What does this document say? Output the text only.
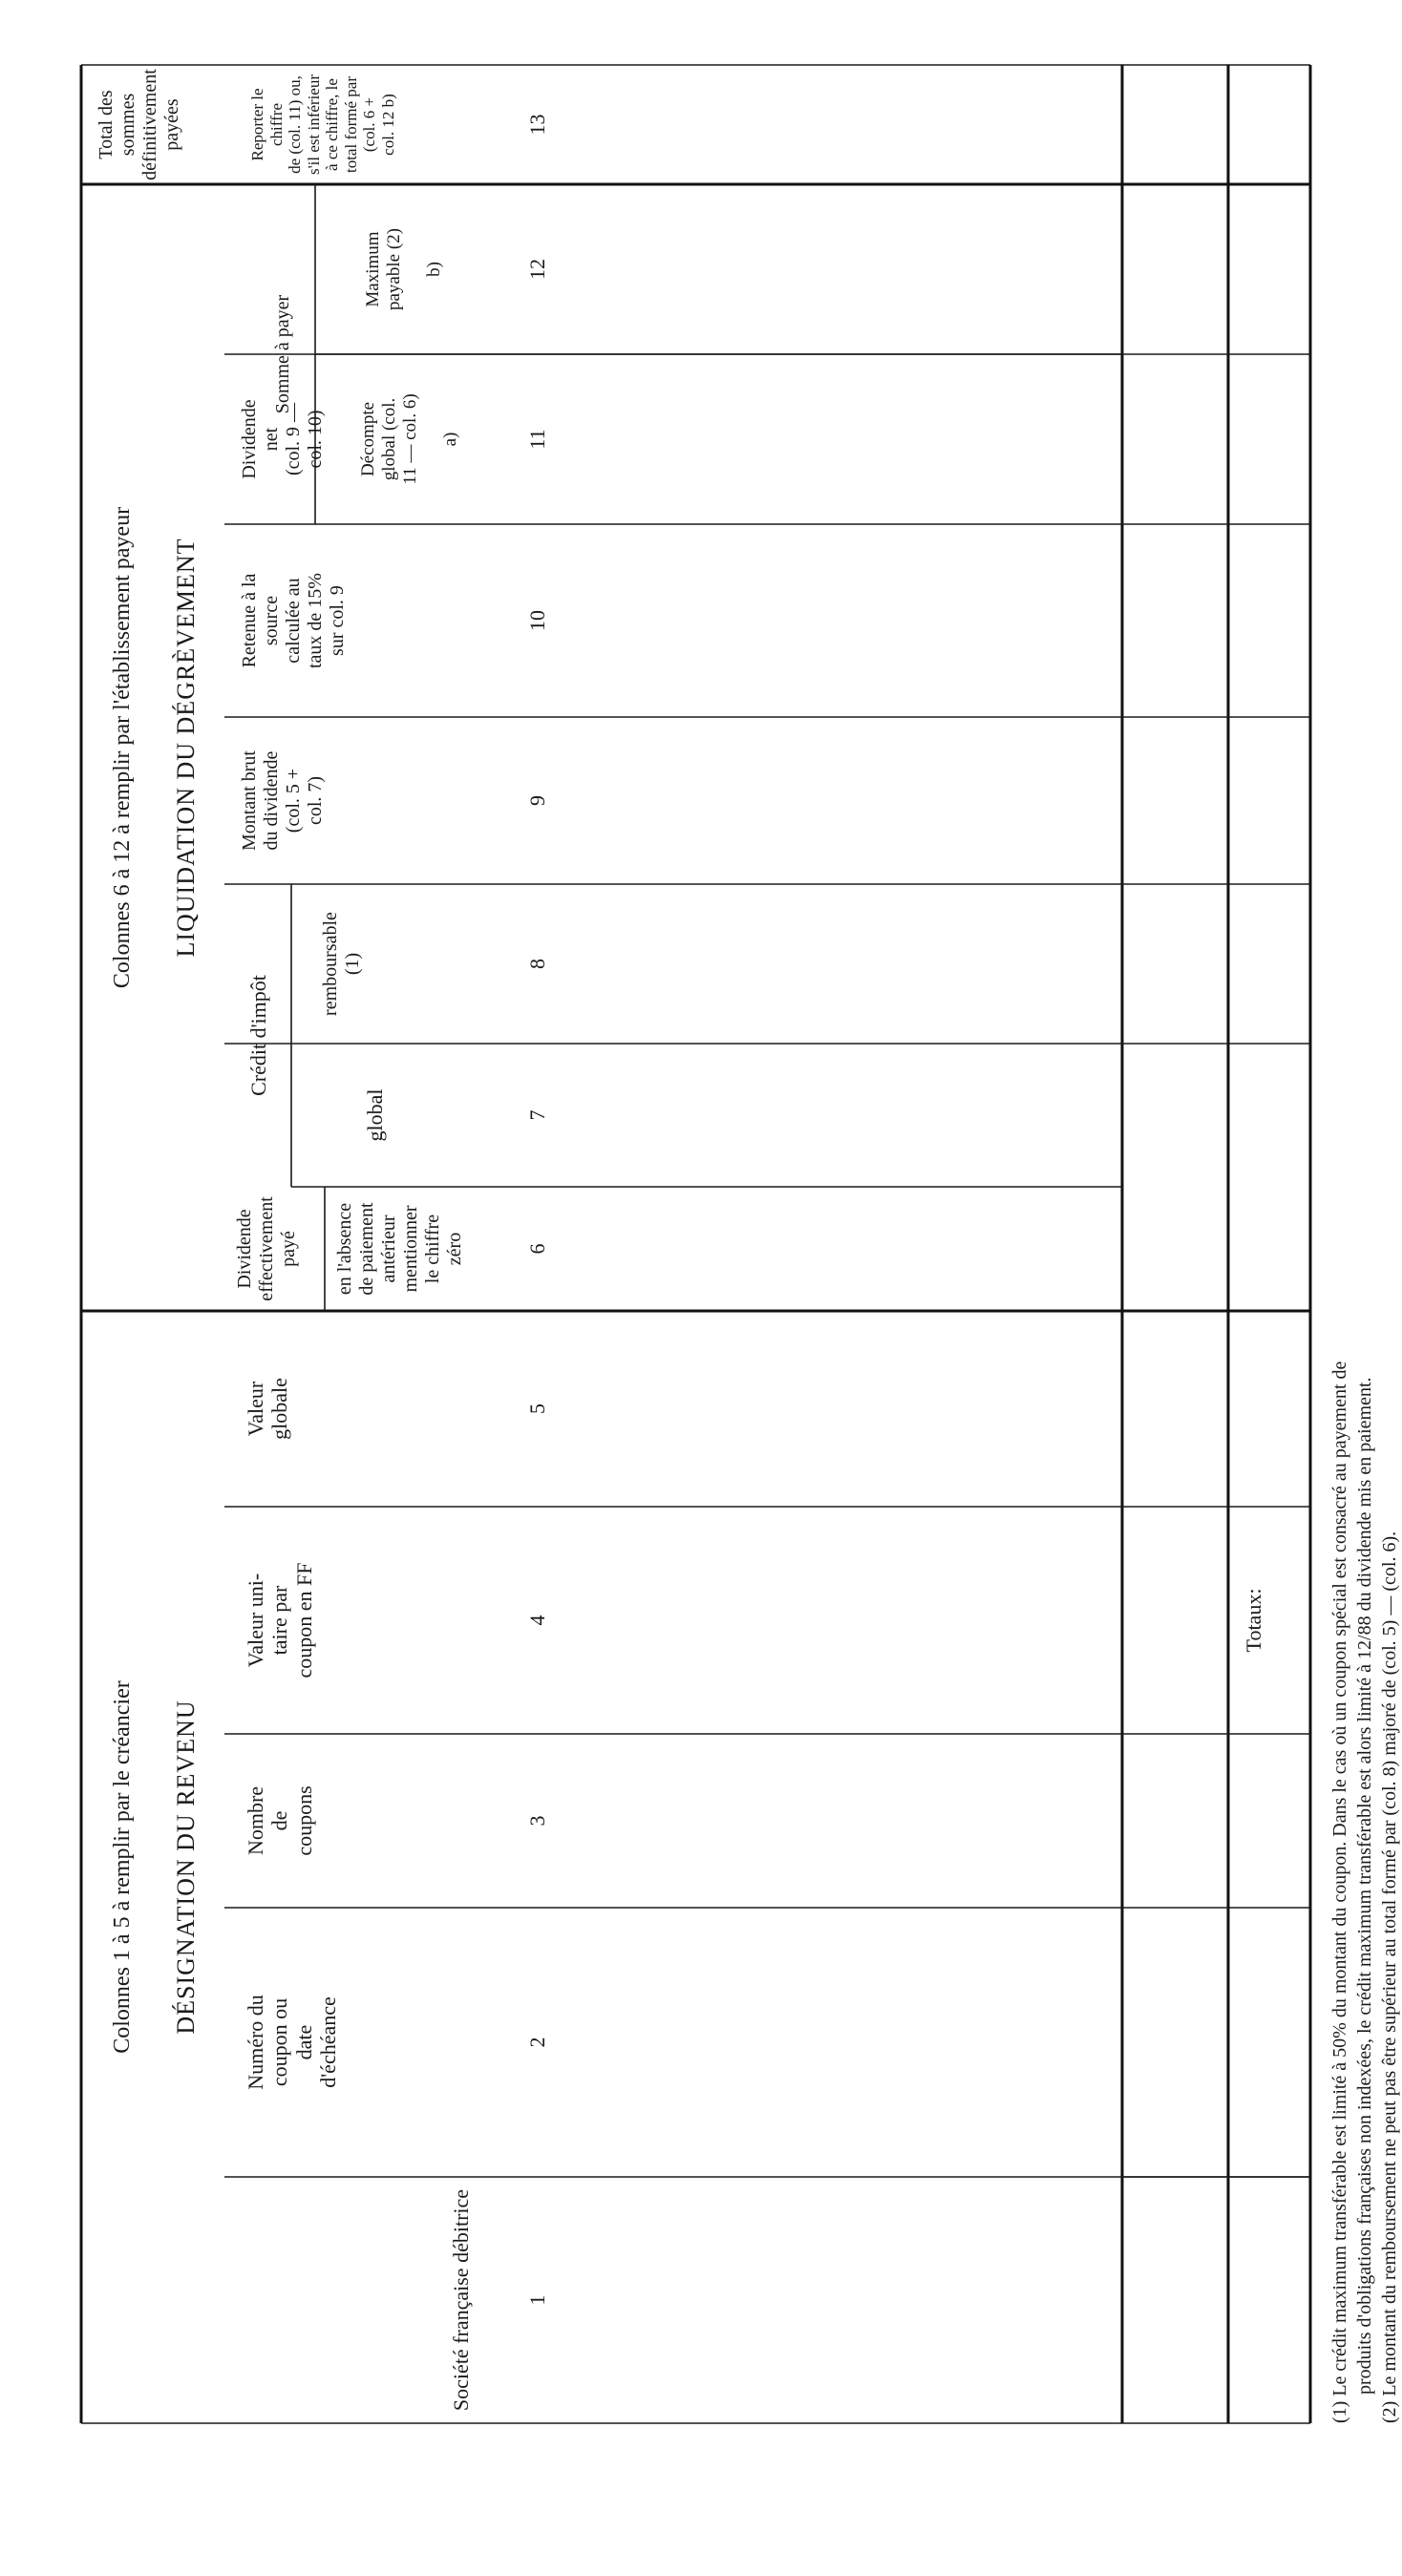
Colonnes 1 à 5 à remplir par le créancier DÉSIGNATION DU REVENU
Colonnes 6 à 12 à remplir par l'établissement payeur LIQUIDATION DU DÉGRÈVEMENT
Total des sommes définitivement payées
Société française débitrice
Numéro du coupon ou date d'échéance
Nombre de coupons
Valeur uni- taire par coupon en FF
Valeur globale
Dividende effectivement payé en l'absence de paiement antérieur mentionner le chiffre zéro
Crédit d'impôt
global
remboursable (1)
Montant brut du dividende (col. 5 + col. 7)
Retenue à la source calculée au taux de 15% sur col. 9
Dividende net (col. 9 — col. 10)
Somme à payer
Décompte global (col. 11 — col. 6) a)
Maximum payable (2) b)
Reporter le chiffre de (col. 11) ou, s'il est inférieur à ce chiffre, le total formé par (col. 6 + col. 12 b)
1
2
3
4
5
6
7
8
9
10
11
12
13
Totaux:	(1) Le crédit maximum transférable est limité à 50% du montant du coupon. Dans le cas où un coupon spécial est consacré au payement de produits d'obligations françaises non indexées, le crédit maximum transférable est alors limité à 12/88 du dividende mis en paiement. (2) Le montant du remboursement ne peut pas être supérieur au total formé par (col. 8) majoré de (col. 5) — (col. 6).
